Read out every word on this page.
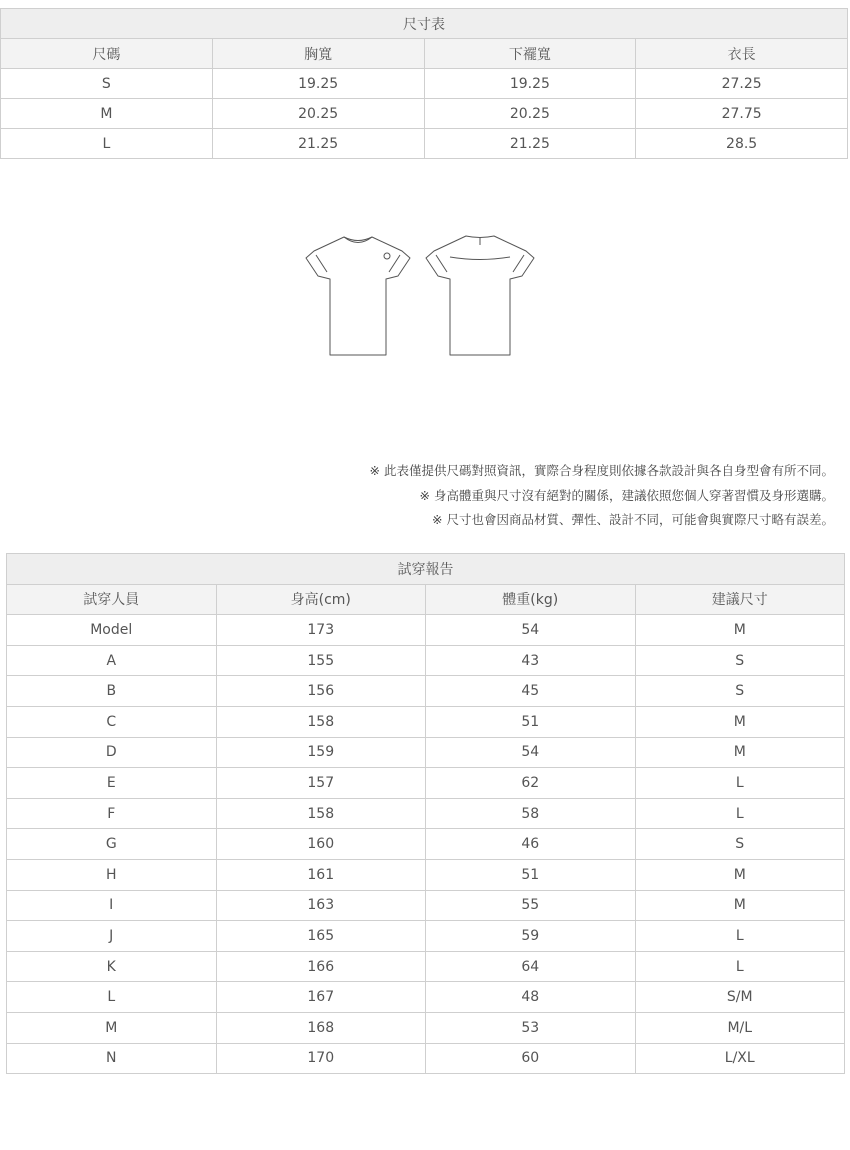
尺寸表			
尺碼	胸寬	下襬寬	衣長
S	19.25	19.25	27.25
M	20.25	20.25	27.75
L	21.25	21.25	28.5
※ 此表僅提供尺碼對照資訊，實際合身程度則依據各款設計與各自身型會有所不同。
※ 身高體重與尺寸沒有絕對的關係，建議依照您個人穿著習慣及身形選購。
※ 尺寸也會因商品材質、彈性、設計不同，可能會與實際尺寸略有誤差。
試穿報告			
試穿人員	身高(cm)	體重(kg)	建議尺寸
Model	173	54	M
A	155	43	S
B	156	45	S
C	158	51	M
D	159	54	M
E	157	62	L
F	158	58	L
G	160	46	S
H	161	51	M
I	163	55	M
J	165	59	L
K	166	64	L
L	167	48	S/M
M	168	53	M/L
N	170	60	L/XL
